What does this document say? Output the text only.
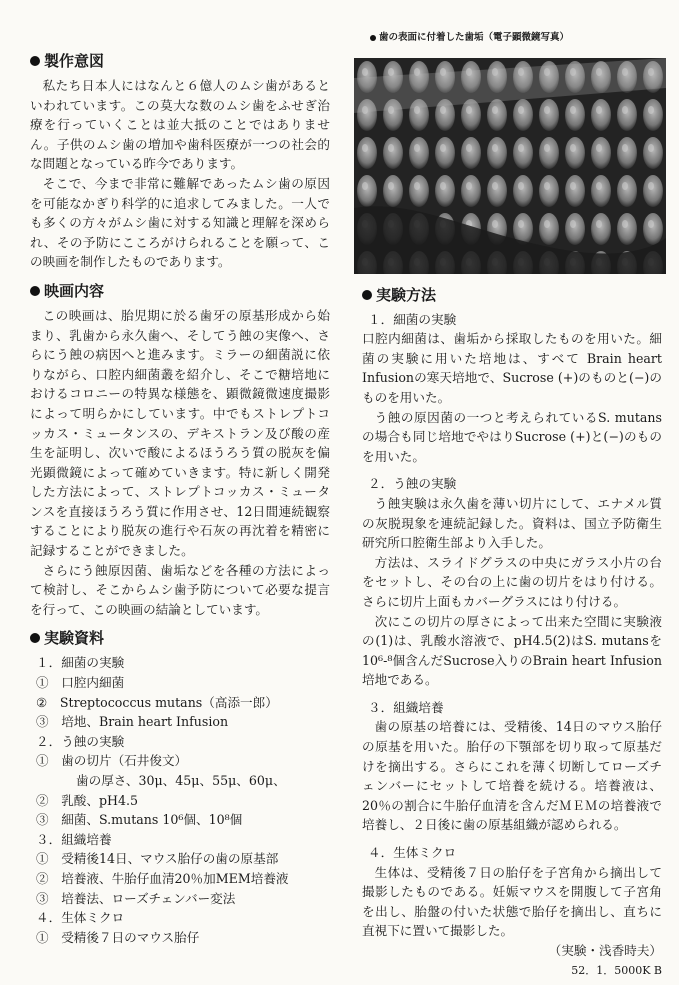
製作意図

私たち日本人にはなんと６億人のムシ歯があるといわれています。この莫大な数のムシ歯をふせぎ治療を行っていくことは並大抵のことではありません。子供のムシ歯の増加や歯科医療が一つの社会的な問題となっている昨今であります。

そこで、今まで非常に難解であったムシ歯の原因を可能なかぎり科学的に追求してみました。一人でも多くの方々がムシ歯に対する知識と理解を深められ、その予防にこころがけられることを願って、この映画を制作したものであります。

映画内容

この映画は、胎児期に於る歯牙の原基形成から始まり、乳歯から永久歯へ、そしてう蝕の実像へ、さらにう蝕の病因へと進みます。ミラーの細菌説に依りながら、口腔内細菌叢を紹介し、そこで糖培地におけるコロニーの特異な様態を、顕微鏡微速度撮影によって明らかにしています。中でもストレプトコッカス・ミュータンスの、デキストラン及び酸の産生を証明し、次いで酸によるほうろう質の脱灰を偏光顕微鏡によって確めていきます。特に新しく開発した方法によって、ストレプトコッカス・ミュータンスを直接ほうろう質に作用させ、12日間連続観察することにより脱灰の進行や石灰の再沈着を精密に記録することができました。

さらにう蝕原因菌、歯垢などを各種の方法によって検討し、そこからムシ歯予防について必要な提言を行って、この映画の結論としています。

実験資料
１．細菌の実験
①　口腔内細菌
②　Streptococcus mutans（高添一郎）
③　培地、Brain heart Infusion
２．う蝕の実験
①　歯の切片（石井俊文）
歯の厚さ、30μ、45μ、55μ、60μ、
②　乳酸、pH4.5
③　細菌、S.mutans 10⁶個、10⁸個
３．組織培養
①　受精後14日、マウス胎仔の歯の原基部
②　培養液、牛胎仔血清20％加MEM培養液
③　培養法、ローズチェンバー変法
４．生体ミクロ
①　受精後７日のマウス胎仔
歯の表面に付着した歯垢（電子顕微鏡写真）
実験方法
１．細菌の実験

口腔内細菌は、歯垢から採取したものを用いた。細菌の実験に用いた培地は、すべて Brain heart Infusionの寒天培地で、Sucrose (+)のものと(−)のものを用いた。

う蝕の原因菌の一つと考えられているS. mutansの場合も同じ培地でやはりSucrose (+)と(−)のものを用いた。

２．う蝕の実験

う蝕実験は永久歯を薄い切片にして、エナメル質の灰脱現象を連続記録した。資料は、国立予防衛生研究所口腔衛生部より入手した。

方法は、スライドグラスの中央にガラス小片の台をセットし、その台の上に歯の切片をはり付ける。さらに切片上面もカバーグラスにはり付ける。

次にこの切片の厚さによって出来た空間に実験液の(1)は、乳酸水溶液で、pH4.5(2)はS. mutansを10⁶‑⁸個含んだSucrose入りのBrain heart Infusion培地である。

３．組織培養

歯の原基の培養には、受精後、14日のマウス胎仔の原基を用いた。胎仔の下顎部を切り取って原基だけを摘出する。さらにこれを薄く切断してローズチェンバーにセットして培養を続ける。培養液は、20％の割合に牛胎仔血清を含んだＭＥＭの培養液で培養し、２日後に歯の原基組織が認められる。

４．生体ミクロ

生体は、受精後７日の胎仔を子宮角から摘出して撮影したものである。妊娠マウスを開腹して子宮角を出し、胎盤の付いた状態で胎仔を摘出し、直ちに直視下に置いて撮影した。

（実験・浅香時夫）
52．1．5000K B
